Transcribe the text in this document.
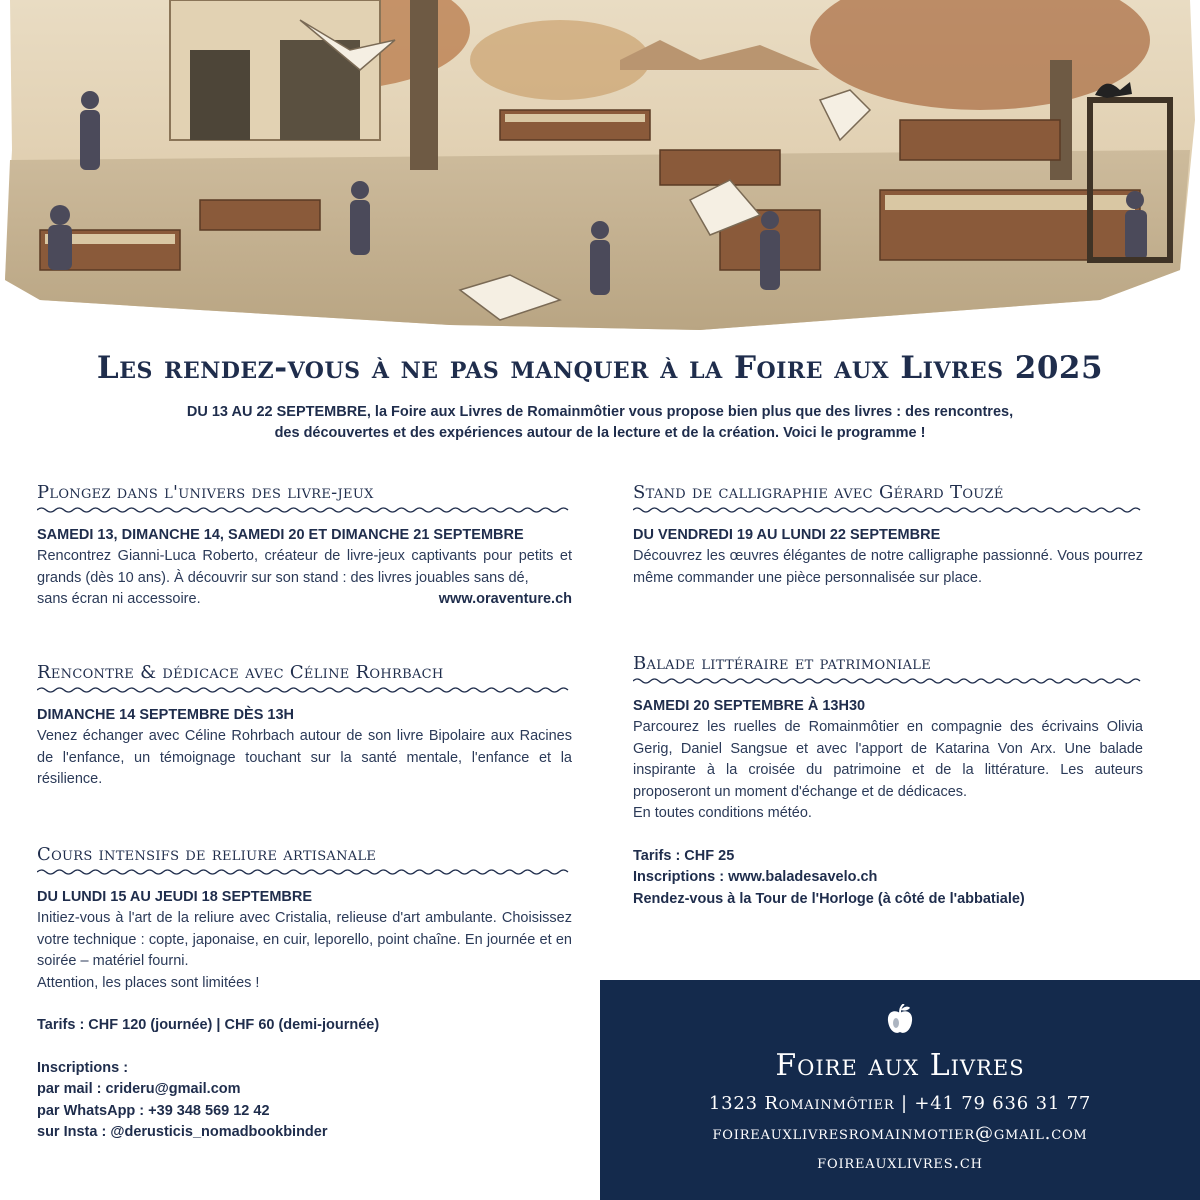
Les rendez-vous à ne pas manquer à la Foire aux Livres 2025
DU 13 AU 22 SEPTEMBRE, la Foire aux Livres de Romainmôtier vous propose bien plus que des livres : des rencontres,
des découvertes et des expériences autour de la lecture et de la création. Voici le programme !
Plongez dans l'univers des livre-jeux
SAMEDI 13, DIMANCHE 14, SAMEDI 20 ET DIMANCHE 21 SEPTEMBRE

Rencontrez Gianni-Luca Roberto, créateur de livre-jeux captivants pour petits et grands (dès 10 ans). À découvrir sur son stand : des livres jouables sans dé,

sans écran ni accessoire.	www.oraventure.ch
Rencontre & dédicace avec Céline Rohrbach
DIMANCHE 14 SEPTEMBRE DÈS 13H
Venez échanger avec Céline Rohrbach autour de son livre Bipolaire aux Racines de l'enfance, un témoignage touchant sur la santé mentale, l'enfance et la résilience.
Cours intensifs de reliure artisanale
DU LUNDI 15 AU JEUDI 18 SEPTEMBRE

Initiez-vous à l'art de la reliure avec Cristalia, relieuse d'art ambulante. Choisissez votre technique : copte, japonaise, en cuir, leporello, point chaîne. En journée et en soirée – matériel fourni.

Attention, les places sont limitées !

Tarifs : CHF 120 (journée) | CHF 60 (demi-journée)

Inscriptions :

par mail : crideru@gmail.com

par WhatsApp : +39 348 569 12 42

sur Insta : @derusticis_nomadbookbinder

Stand de calligraphie avec Gérard Touzé
DU VENDREDI 19 AU LUNDI 22 SEPTEMBRE
Découvrez les œuvres élégantes de notre calligraphe passionné. Vous pourrez même commander une pièce personnalisée sur place.
Balade littéraire et patrimoniale
SAMEDI 20 SEPTEMBRE À 13H30

Parcourez les ruelles de Romainmôtier en compagnie des écrivains Olivia Gerig, Daniel Sangsue et avec l'apport de Katarina Von Arx. Une balade inspirante à la croisée du patrimoine et de la littérature. Les auteurs proposeront un moment d'échange et de dédicaces.

En toutes conditions météo.

Tarifs : CHF 25

Inscriptions : www.baladesavelo.ch

Rendez-vous à la Tour de l'Horloge (à côté de l'abbatiale)

Foire aux Livres
1323 Romainmôtier | +41 79 636 31 77
foireauxlivresromainmotier@gmail.com
foireauxlivres.ch
